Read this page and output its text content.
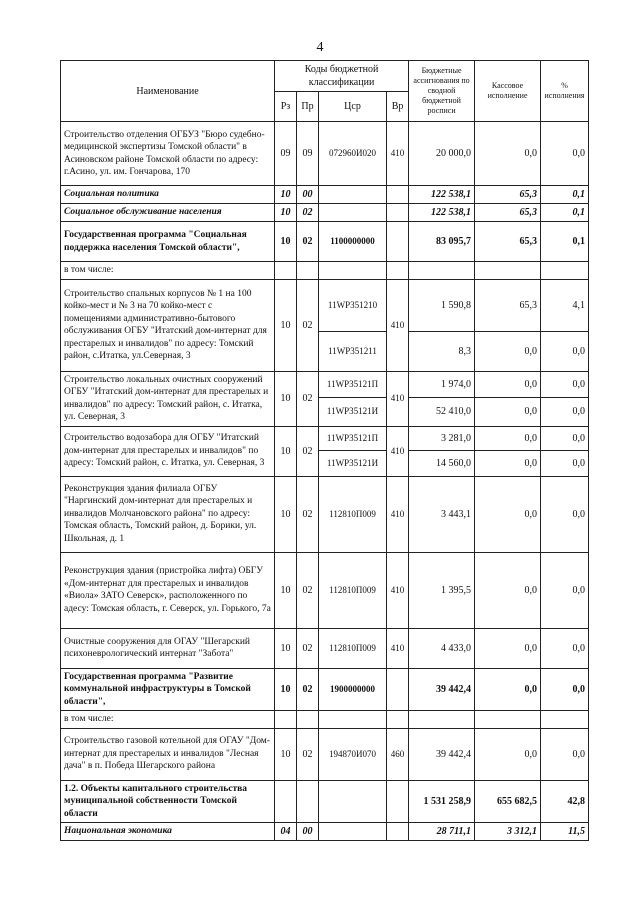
4
Наименование	Коды бюджетной классификации				Бюджетные ассигнования по сводной бюджетной росписи	Кассовое исполнение	% исполнения
	Рз	Пр	Цср	Вр			
Строительство отделения ОГБУЗ "Бюро судебно-медицинской экспертизы Томской области" в Асиновском районе Томской области по адресу: г.Асино, ул. им. Гончарова, 170	09	09	072960И020	410	20 000,0	0,0	0,0
Социальная политика	10	00			122 538,1	65,3	0,1
Социальное обслуживание населения	10	02			122 538,1	65,3	0,1
Государственная программа "Социальная поддержка населения Томской области",	10	02	1100000000		83 095,7	65,3	0,1
в том числе:							
Строительство спальных корпусов № 1 на 100 койко-мест и № 3 на 70 койко-мест с помещениями административно-бытового обслуживания ОГБУ "Итатский дом-интернат для престарелых и инвалидов" по адресу: Томский район, с.Итатка, ул.Северная, 3	10	02	11WP351210	410	1 590,8	65,3	4,1
			11WP351211		8,3	0,0	0,0
Строительство локальных очистных сооружений ОГБУ "Итатский дом-интернат для престарелых и инвалидов" по адресу: Томский район, с. Итатка, ул. Северная, 3	10	02	11WP35121П	410	1 974,0	0,0	0,0
			11WP35121И		52 410,0	0,0	0,0
Строительство водозабора для ОГБУ "Итатский дом-интернат для престарелых и инвалидов" по адресу: Томский район, с. Итатка, ул. Северная, 3	10	02	11WP35121П	410	3 281,0	0,0	0,0
			11WP35121И		14 560,0	0,0	0,0
Реконструкция здания филиала ОГБУ "Наргинский дом-интернат для престарелых и инвалидов Молчановского района" по адресу: Томская область, Томский район, д. Борики, ул. Школьная, д. 1	10	02	112810П009	410	3 443,1	0,0	0,0
Реконструкция здания (пристройка лифта) ОБГУ «Дом-интернат для престарелых и инвалидов «Виола» ЗАТО Северск», расположенного по адесу: Томская область, г. Северск, ул. Горького, 7а	10	02	112810П009	410	1 395,5	0,0	0,0
Очистные сооружения для ОГАУ "Шегарский психоневрологический интернат "Забота"	10	02	112810П009	410	4 433,0	0,0	0,0
Государственная программа "Развитие коммунальной инфраструктуры в Томской области",	10	02	1900000000		39 442,4	0,0	0,0
в том числе:							
Строительство газовой котельной для ОГАУ "Дом-интернат для престарелых и инвалидов "Лесная дача" в п. Победа Шегарского района	10	02	194870И070	460	39 442,4	0,0	0,0
1.2. Объекты капитального строительства муниципальной собственности Томской области					1 531 258,9	655 682,5	42,8
Национальная экономика	04	00			28 711,1	3 312,1	11,5
